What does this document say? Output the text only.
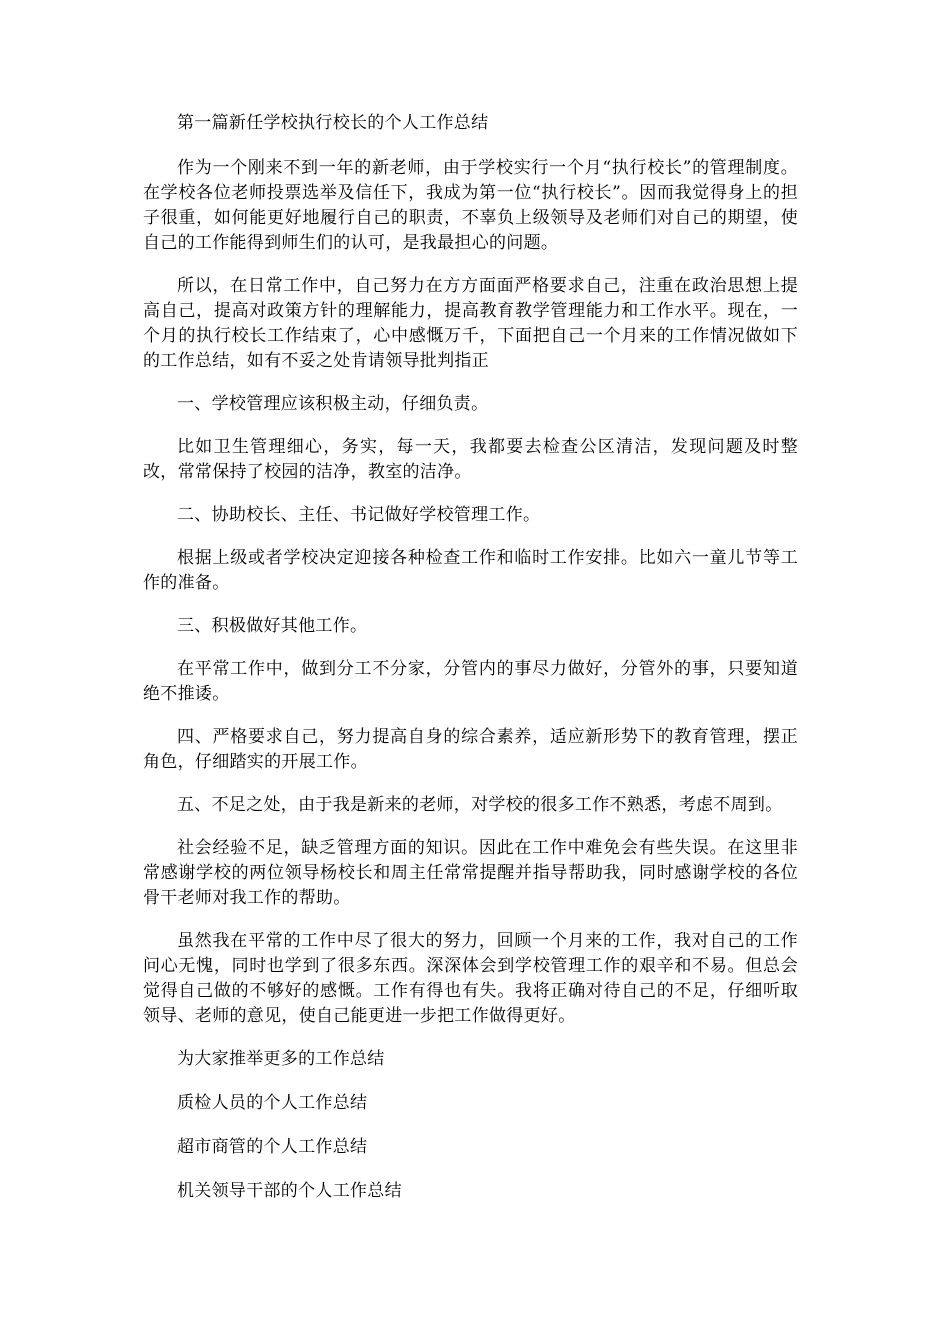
第一篇新任学校执行校长的个人工作总结

作为一个刚来不到一年的新老师，由于学校实行一个月“执行校长”的管理制度。在学校各位老师投票选举及信任下，我成为第一位“执行校长”。因而我觉得身上的担子很重，如何能更好地履行自己的职责，不辜负上级领导及老师们对自己的期望，使自己的工作能得到师生们的认可，是我最担心的问题。

所以，在日常工作中，自己努力在方方面面严格要求自己，注重在政治思想上提高自己，提高对政策方针的理解能力，提高教育教学管理能力和工作水平。现在，一个月的执行校长工作结束了，心中感慨万千，下面把自己一个月来的工作情况做如下的工作总结，如有不妥之处肯请领导批判指正

一、学校管理应该积极主动，仔细负责。

比如卫生管理细心，务实，每一天，我都要去检查公区清洁，发现问题及时整改，常常保持了校园的洁净，教室的洁净。

二、协助校长、主任、书记做好学校管理工作。

根据上级或者学校决定迎接各种检查工作和临时工作安排。比如六一童儿节等工作的准备。

三、积极做好其他工作。

在平常工作中，做到分工不分家，分管内的事尽力做好，分管外的事，只要知道绝不推诿。

四、严格要求自己，努力提高自身的综合素养，适应新形势下的教育管理，摆正角色，仔细踏实的开展工作。

五、不足之处，由于我是新来的老师，对学校的很多工作不熟悉，考虑不周到。

社会经验不足，缺乏管理方面的知识。因此在工作中难免会有些失误。在这里非常感谢学校的两位领导杨校长和周主任常常提醒并指导帮助我，同时感谢学校的各位骨干老师对我工作的帮助。

虽然我在平常的工作中尽了很大的努力，回顾一个月来的工作，我对自己的工作问心无愧，同时也学到了很多东西。深深体会到学校管理工作的艰辛和不易。但总会觉得自己做的不够好的感慨。工作有得也有失。我将正确对待自己的不足，仔细听取领导、老师的意见，使自己能更进一步把工作做得更好。

为大家推举更多的工作总结

质检人员的个人工作总结

超市商管的个人工作总结

机关领导干部的个人工作总结
